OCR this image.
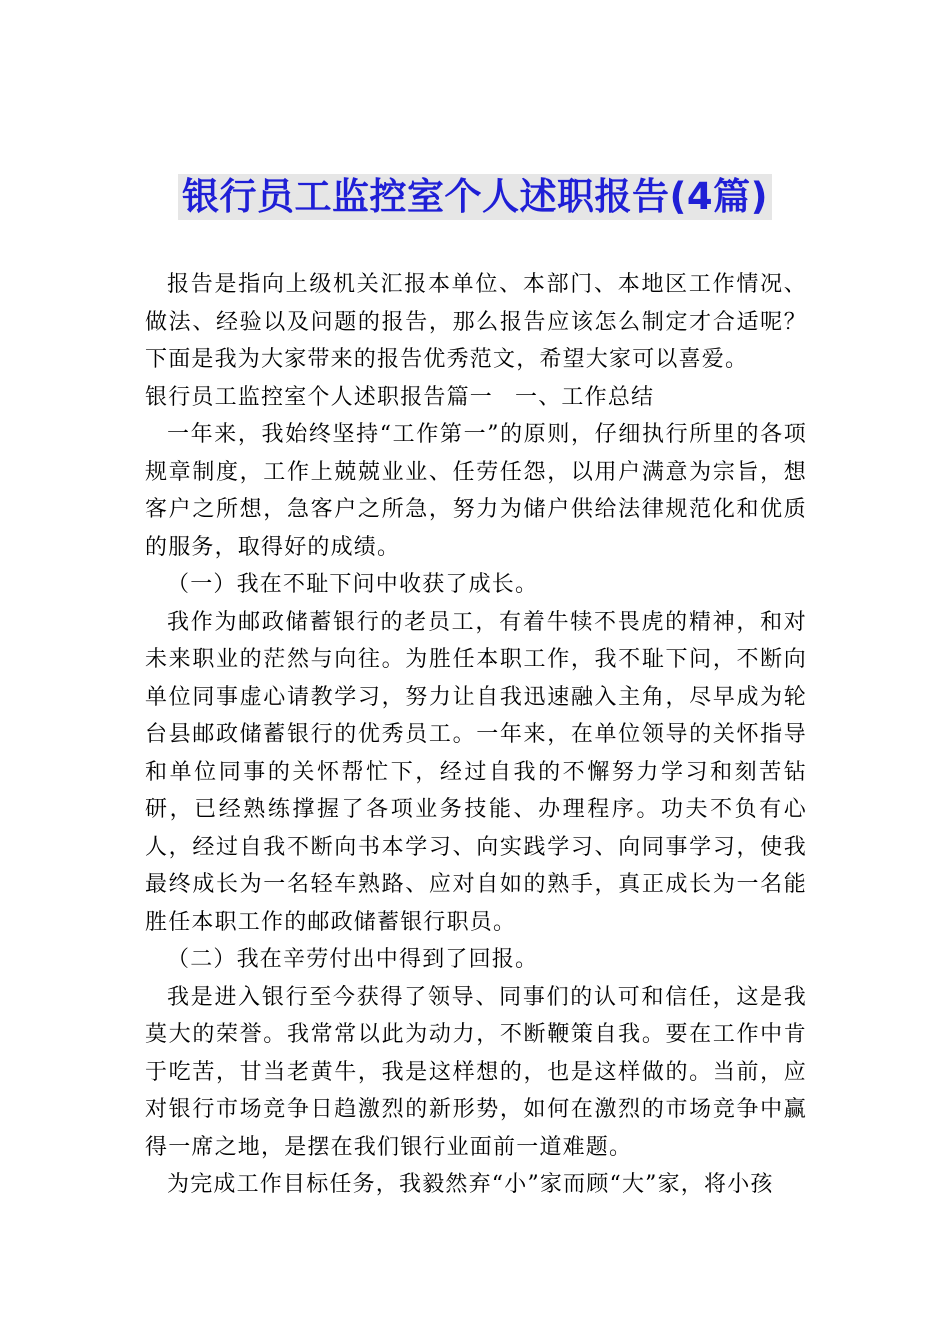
银行员工监控室个人述职报告(4篇)

报告是指向上级机关汇报本单位、本部门、本地区工作情况、做法、经验以及问题的报告，那么报告应该怎么制定才合适呢？下面是我为大家带来的报告优秀范文，希望大家可以喜爱。

银行员工监控室个人述职报告篇一 一、工作总结

一年来，我始终坚持“工作第一”的原则，仔细执行所里的各项规章制度，工作上兢兢业业、任劳任怨，以用户满意为宗旨，想客户之所想，急客户之所急，努力为储户供给法律规范化和优质的服务，取得好的成绩。

（一）我在不耻下问中收获了成长。

我作为邮政储蓄银行的老员工，有着牛犊不畏虎的精神，和对未来职业的茫然与向往。为胜任本职工作，我不耻下问，不断向单位同事虚心请教学习，努力让自我迅速融入主角，尽早成为轮台县邮政储蓄银行的优秀员工。一年来，在单位领导的关怀指导和单位同事的关怀帮忙下，经过自我的不懈努力学习和刻苦钻研，已经熟练撑握了各项业务技能、办理程序。功夫不负有心人，经过自我不断向书本学习、向实践学习、向同事学习，使我最终成长为一名轻车熟路、应对自如的熟手，真正成长为一名能胜任本职工作的邮政储蓄银行职员。

（二）我在辛劳付出中得到了回报。

我是进入银行至今获得了领导、同事们的认可和信任，这是我莫大的荣誉。我常常以此为动力，不断鞭策自我。要在工作中肯于吃苦，甘当老黄牛，我是这样想的，也是这样做的。当前，应对银行市场竞争日趋激烈的新形势，如何在激烈的市场竞争中赢得一席之地，是摆在我们银行业面前一道难题。

为完成工作目标任务，我毅然弃“小”家而顾“大”家，将小孩
